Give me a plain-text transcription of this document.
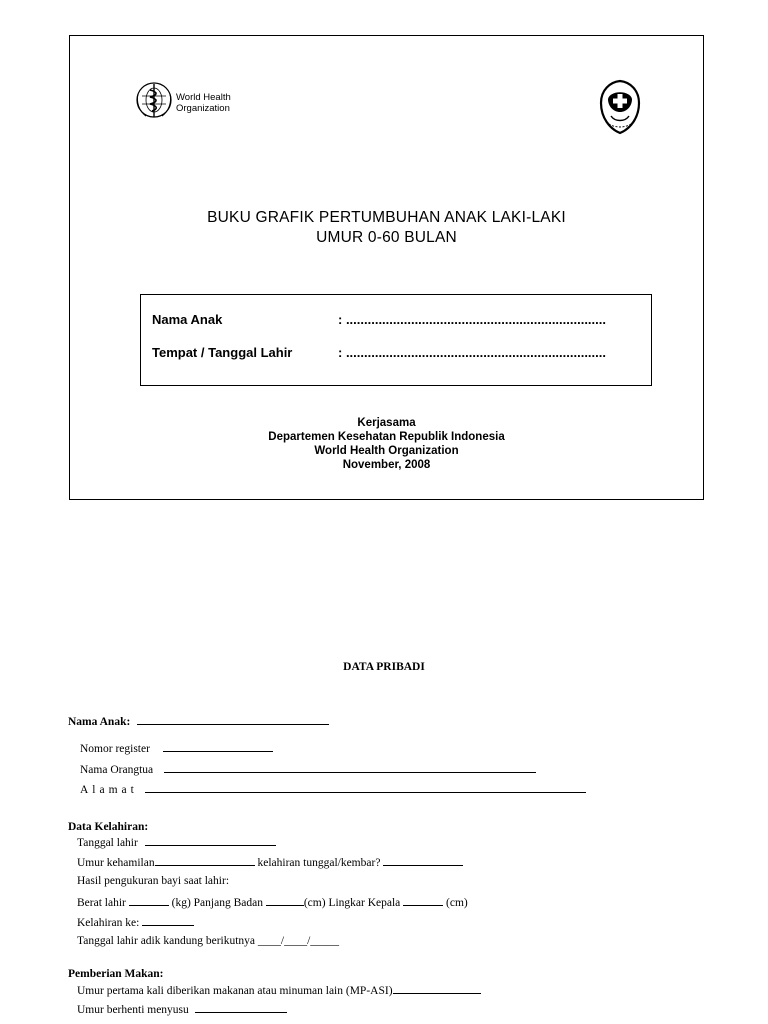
World Health
Organization
BUKU GRAFIK PERTUMBUHAN ANAK LAKI-LAKI
UMUR 0-60 BULAN
Nama Anak	: ........................................................................
Tempat / Tanggal Lahir	: ........................................................................
Kerjasama
Departemen Kesehatan Republik Indonesia
World Health Organization
November, 2008
DATA PRIBADI
Nama Anak:
Nomor register
Nama Orangtua
Alamat
Data Kelahiran:
Tanggal lahir
Umur kehamilan	kelahiran tunggal/kembar?
Hasil pengukuran bayi saat lahir:
Berat lahir	(kg) Panjang Badan	(cm) Lingkar Kepala	(cm)
Kelahiran ke:
Tanggal lahir adik kandung berikutnya ____/____/_____
Pemberian Makan:
Umur pertama kali diberikan makanan atau minuman lain (MP-ASI)
Umur berhenti menyusu
